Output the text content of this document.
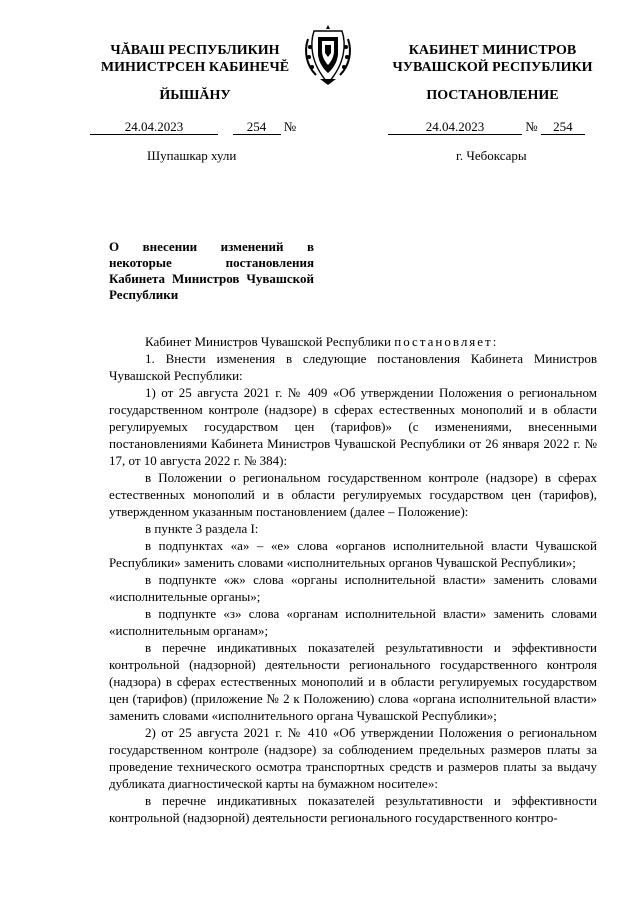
ЧĂВАШ РЕСПУБЛИКИН
МИНИСТРСЕН КАБИНЕЧĔ
КАБИНЕТ МИНИСТРОВ
ЧУВАШСКОЙ РЕСПУБЛИКИ
ЙЫШĂНУ	ПОСТАНОВЛЕНИЕ
24.04.2023	254 №	24.04.2023	№ 254
Шупашкар хули	г. Чебоксары
О внесении изменений в некоторые постановления Кабинета Министров Чувашской Республики

Кабинет Министров Чувашской Республики постановляет:

1. Внести изменения в следующие постановления Кабинета Министров Чувашской Республики:

1) от 25 августа 2021 г. № 409 «Об утверждении Положения о региональном государственном контроле (надзоре) в сферах естественных монополий и в области регулируемых государством цен (тарифов)» (с изменениями, внесенными постановлениями Кабинета Министров Чувашской Республики от 26 января 2022 г. № 17, от 10 августа 2022 г. № 384):

в Положении о региональном государственном контроле (надзоре) в сферах естественных монополий и в области регулируемых государством цен (тарифов), утвержденном указанным постановлением (далее – Положение):

в пункте 3 раздела I:

в подпунктах «а» – «е» слова «органов исполнительной власти Чувашской Республики» заменить словами «исполнительных органов Чувашской Республики»;

в подпункте «ж» слова «органы исполнительной власти» заменить словами «исполнительные органы»;

в подпункте «з» слова «органам исполнительной власти» заменить словами «исполнительным органам»;

в перечне индикативных показателей результативности и эффективности контрольной (надзорной) деятельности регионального государственного контроля (надзора) в сферах естественных монополий и в области регулируемых государством цен (тарифов) (приложение № 2 к Положению) слова «органа исполнительной власти» заменить словами «исполнительного органа Чувашской Республики»;

2) от 25 августа 2021 г. № 410 «Об утверждении Положения о региональном государственном контроле (надзоре) за соблюдением предельных размеров платы за проведение технического осмотра транспортных средств и размеров платы за выдачу дубликата диагностической карты на бумажном носителе»:

в перечне индикативных показателей результативности и эффективности контрольной (надзорной) деятельности регионального государственного контро-
